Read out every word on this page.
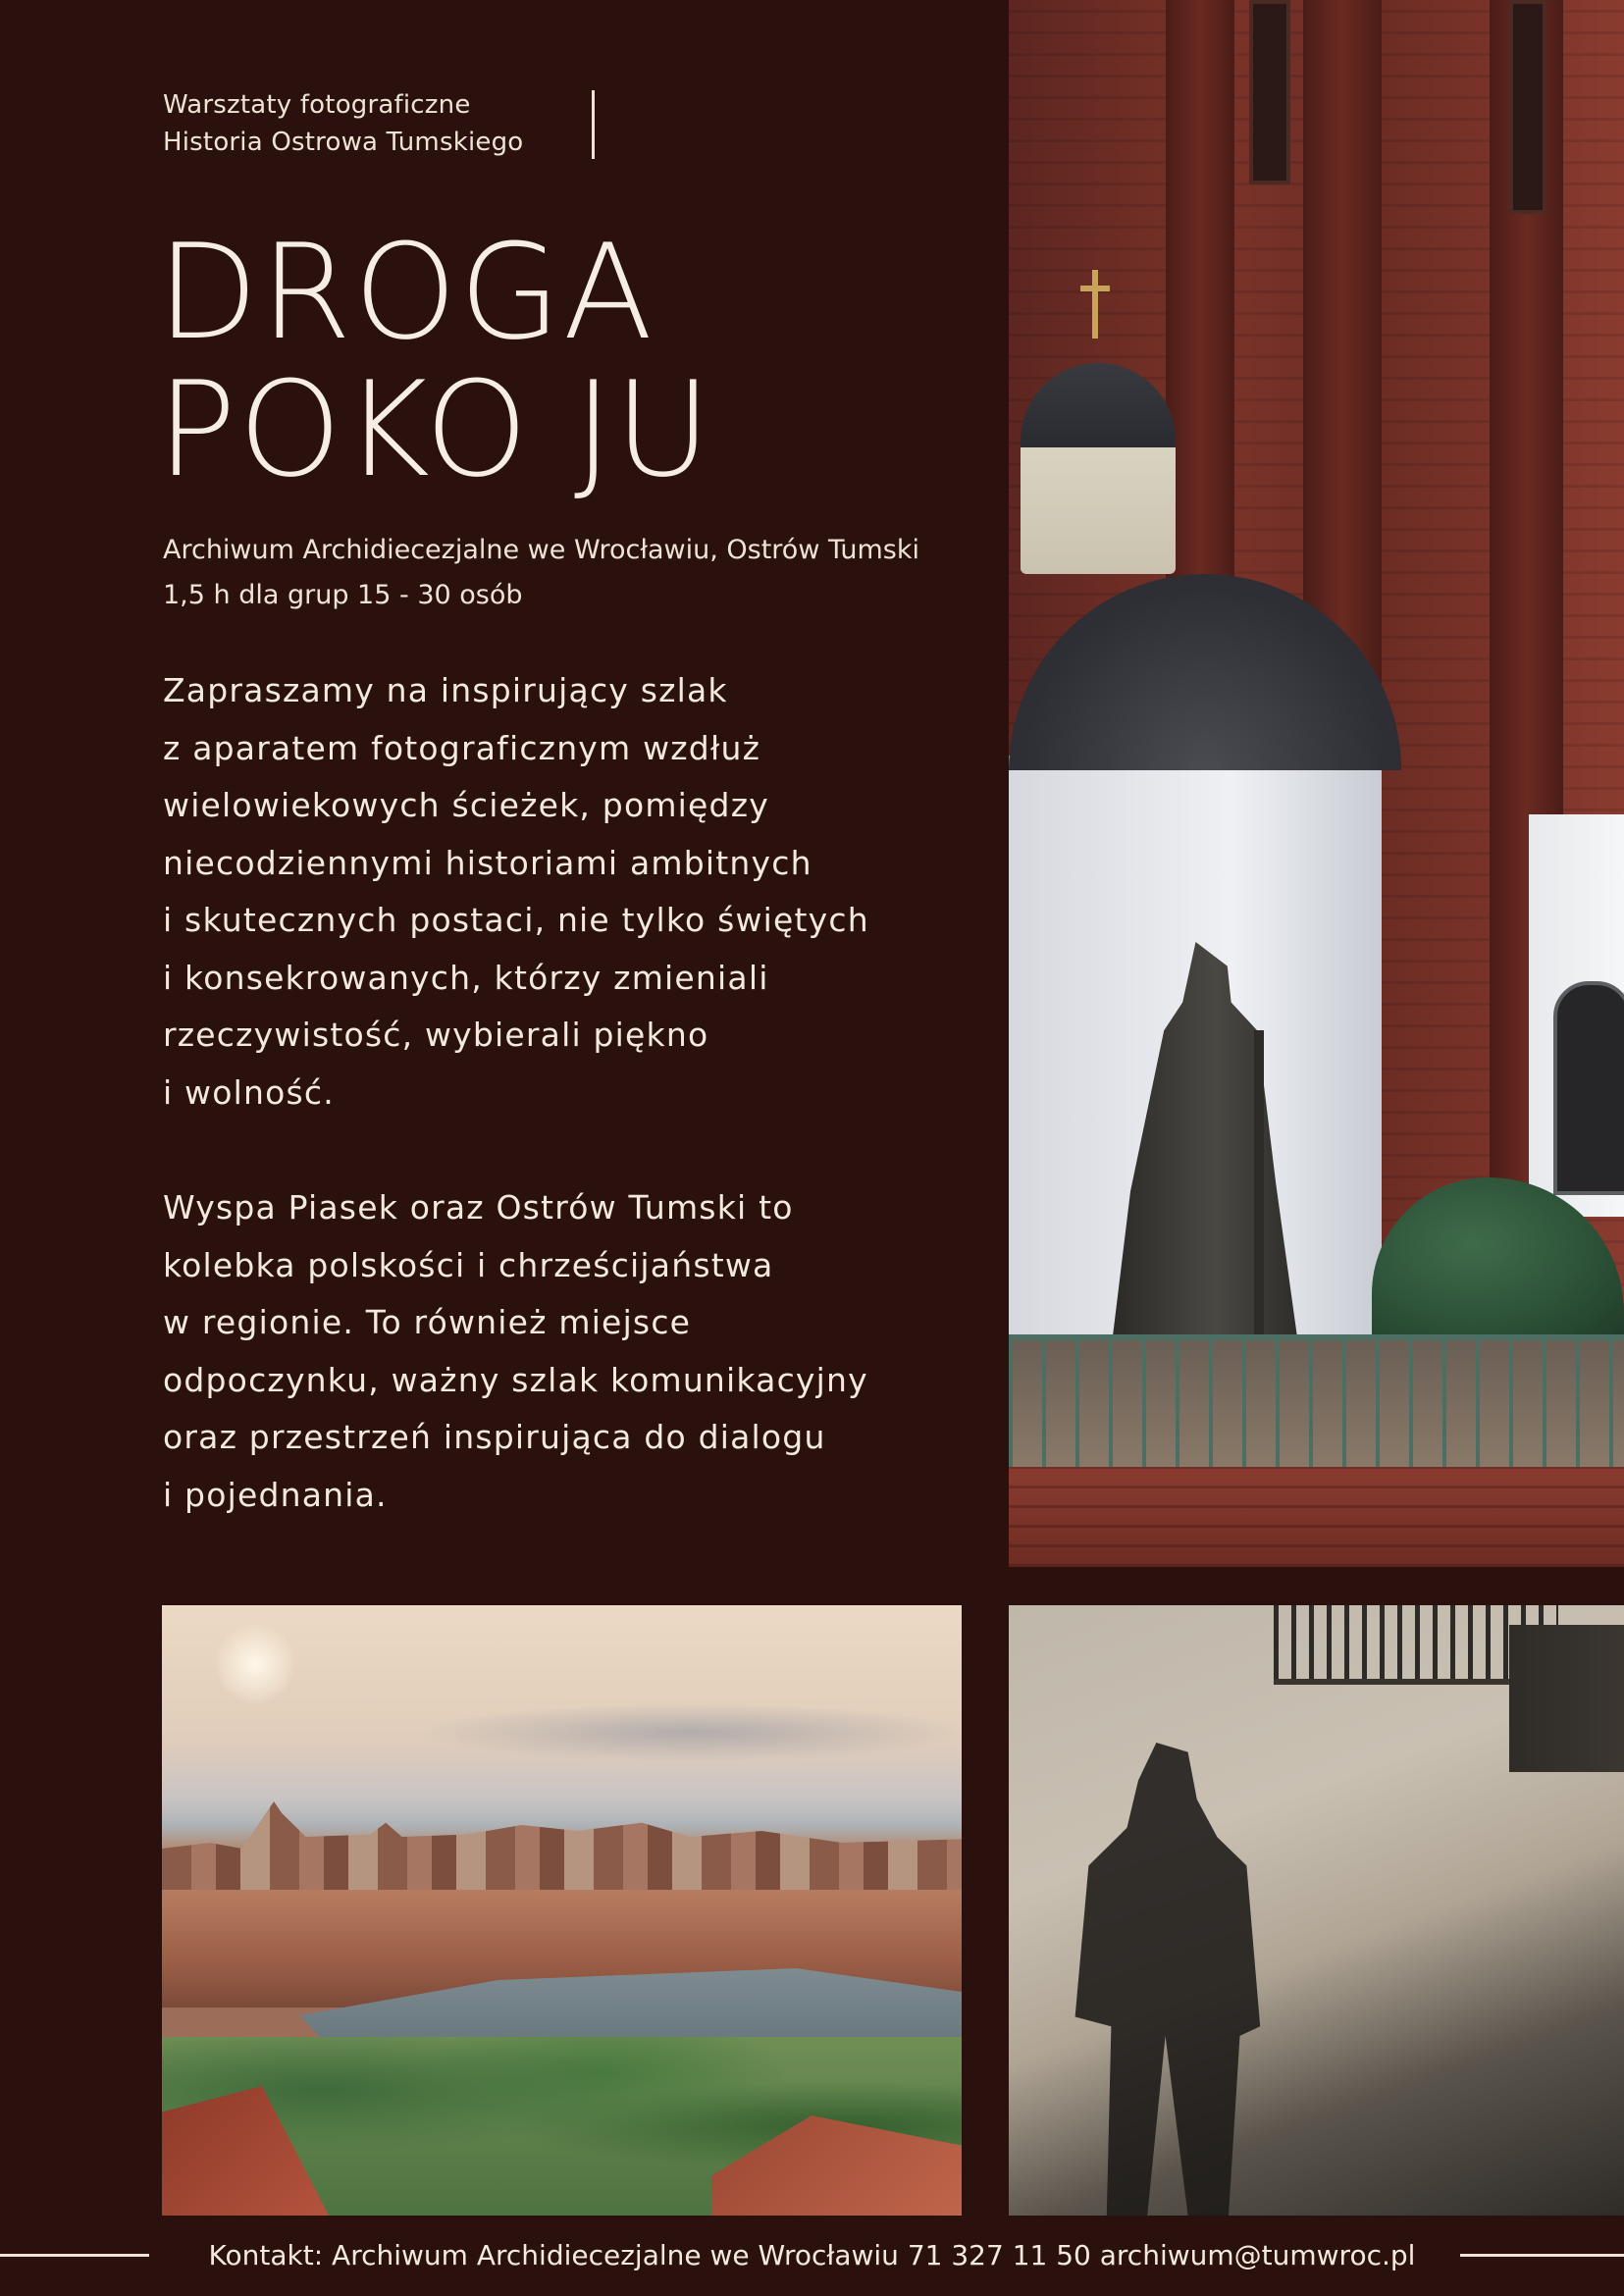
Warsztaty fotograficzne
Historia Ostrowa Tumskiego
DROGA
POKO JU
Archiwum Archidiecezjalne we Wrocławiu, Ostrów Tumski
1,5 h dla grup 15 - 30 osób
Zapraszamy na inspirujący szlak
z aparatem fotograficznym wzdłuż
wielowiekowych ścieżek, pomiędzy
niecodziennymi historiami ambitnych
i skutecznych postaci, nie tylko świętych
i konsekrowanych, którzy zmieniali
rzeczywistość, wybierali piękno
i wolność.
Wyspa Piasek oraz Ostrów Tumski to
kolebka polskości i chrześcijaństwa
w regionie. To również miejsce
odpoczynku, ważny szlak komunikacyjny
oraz przestrzeń inspirująca do dialogu
i pojednania.
Kontakt: Archiwum Archidiecezjalne we Wrocławiu 71 327 11 50 archiwum@tumwroc.pl
